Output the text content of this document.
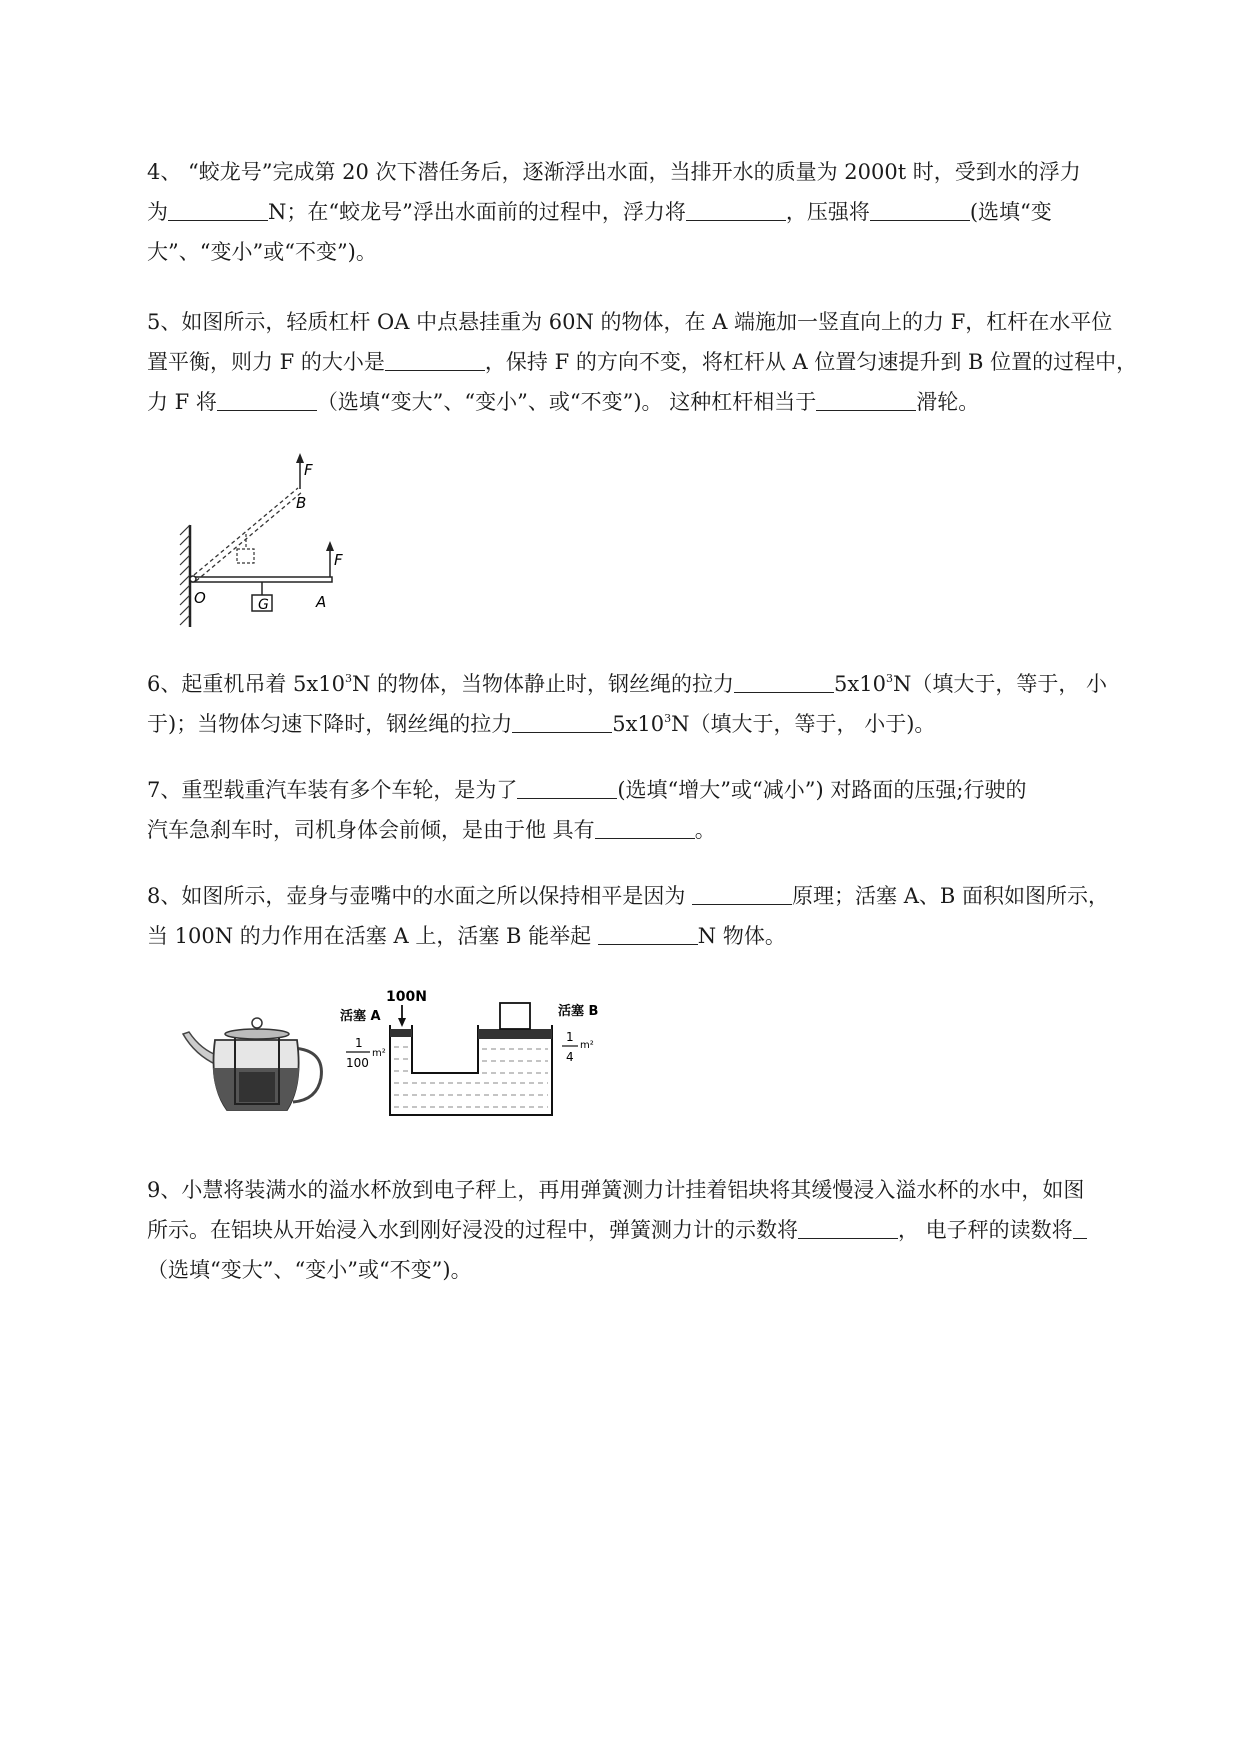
4、 “蛟龙号”完成第 20 次下潜任务后，逐渐浮出水面，当排开水的质量为 2000t 时，受到水的浮力
为	N；在“蛟龙号”浮出水面前的过程中，浮力将	，压强将	(选填“变
大”、“变小”或“不变”)。
5、如图所示，轻质杠杆 OA 中点悬挂重为 60N 的物体，在 A 端施加一竖直向上的力 F，杠杆在水平位
置平衡，则力 F 的大小是	，保持 F 的方向不变，将杠杆从 A 位置匀速提升到 B 位置的过程中，
力 F 将	（选填“变大”、“变小”、或“不变”)。 这种杠杆相当于	滑轮。
G
F
F
B
O	A
6、起重机吊着 $5x10^3N$ 的物体，当物体静止时，钢丝绳的拉力	$5x10^3N$（填大于，等于， 小
于)；当物体匀速下降时，钢丝绳的拉力	$5x10^3N$（填大于，等于， 小于)。
7、重型载重汽车装有多个车轮，是为了	(选填“增大”或“减小”) 对路面的压强;行驶的
汽车急刹车时，司机身体会前倾，是由于他 具有	。
8、如图所示，壶身与壶嘴中的水面之所以保持相平是因为	原理；活塞 A、B 面积如图所示，
当 100N 的力作用在活塞 A 上，活塞 B 能举起	N 物体。
100N
活塞 A
1
100
m²
活塞 B
1
4
m²
9、小慧将装满水的溢水杯放到电子秤上，再用弹簧测力计挂着铝块将其缓慢浸入溢水杯的水中，如图
所示。在铝块从开始浸入水到刚好浸没的过程中，弹簧测力计的示数将	， 电子秤的读数将
（选填“变大”、“变小”或“不变”)。
